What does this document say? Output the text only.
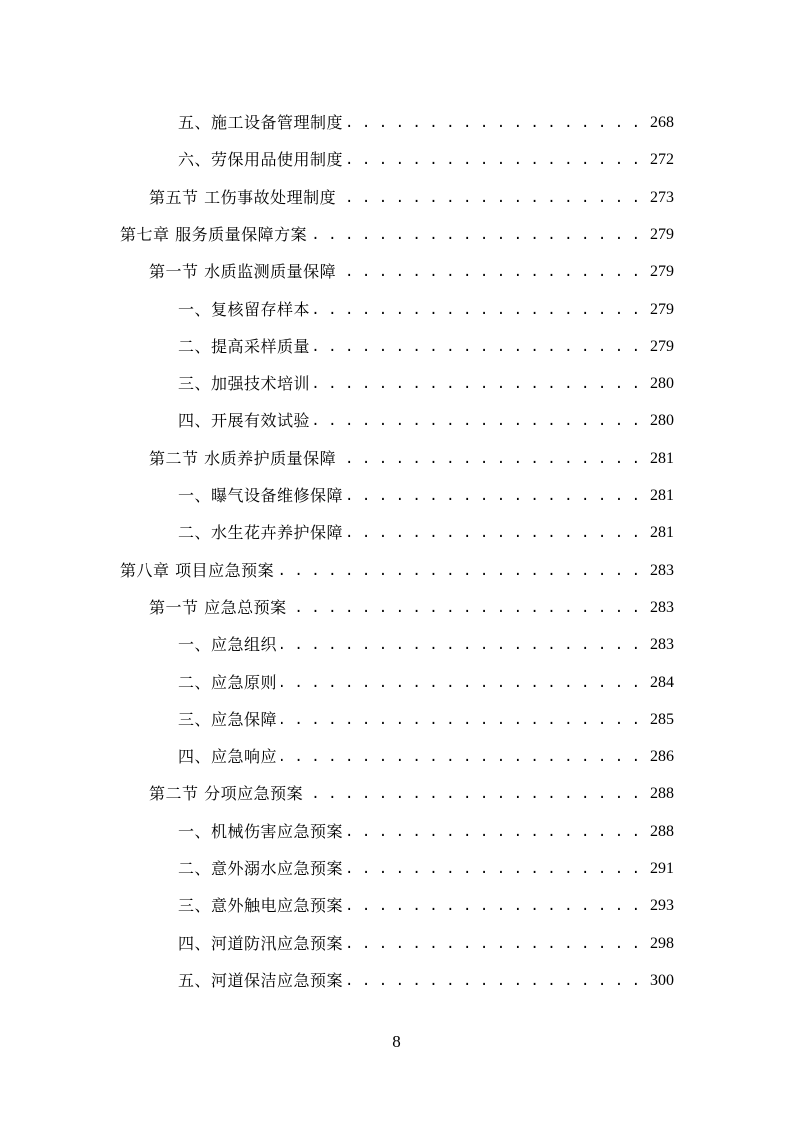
五、施工设备管理制度 . . .	268
六、劳保用品使用制度 . . .	272
第五节 工伤事故处理制度 . . .	273
第七章 服务质量保障方案 . . .	279
第一节 水质监测质量保障 . . .	279
一、复核留存样本 . . .	279
二、提高采样质量 . . .	279
三、加强技术培训 . . .	280
四、开展有效试验 . . .	280
第二节 水质养护质量保障 . . .	281
一、曝气设备维修保障 . . .	281
二、水生花卉养护保障 . . .	281
第八章 项目应急预案 . . .	283
第一节 应急总预案 . . .	283
一、应急组织 . . .	283
二、应急原则 . . .	284
三、应急保障 . . .	285
四、应急响应 . . .	286
第二节 分项应急预案 . . .	288
一、机械伤害应急预案 . . .	288
二、意外溺水应急预案 . . .	291
三、意外触电应急预案 . . .	293
四、河道防汛应急预案 . . .	298
五、河道保洁应急预案 . . .	300
8
